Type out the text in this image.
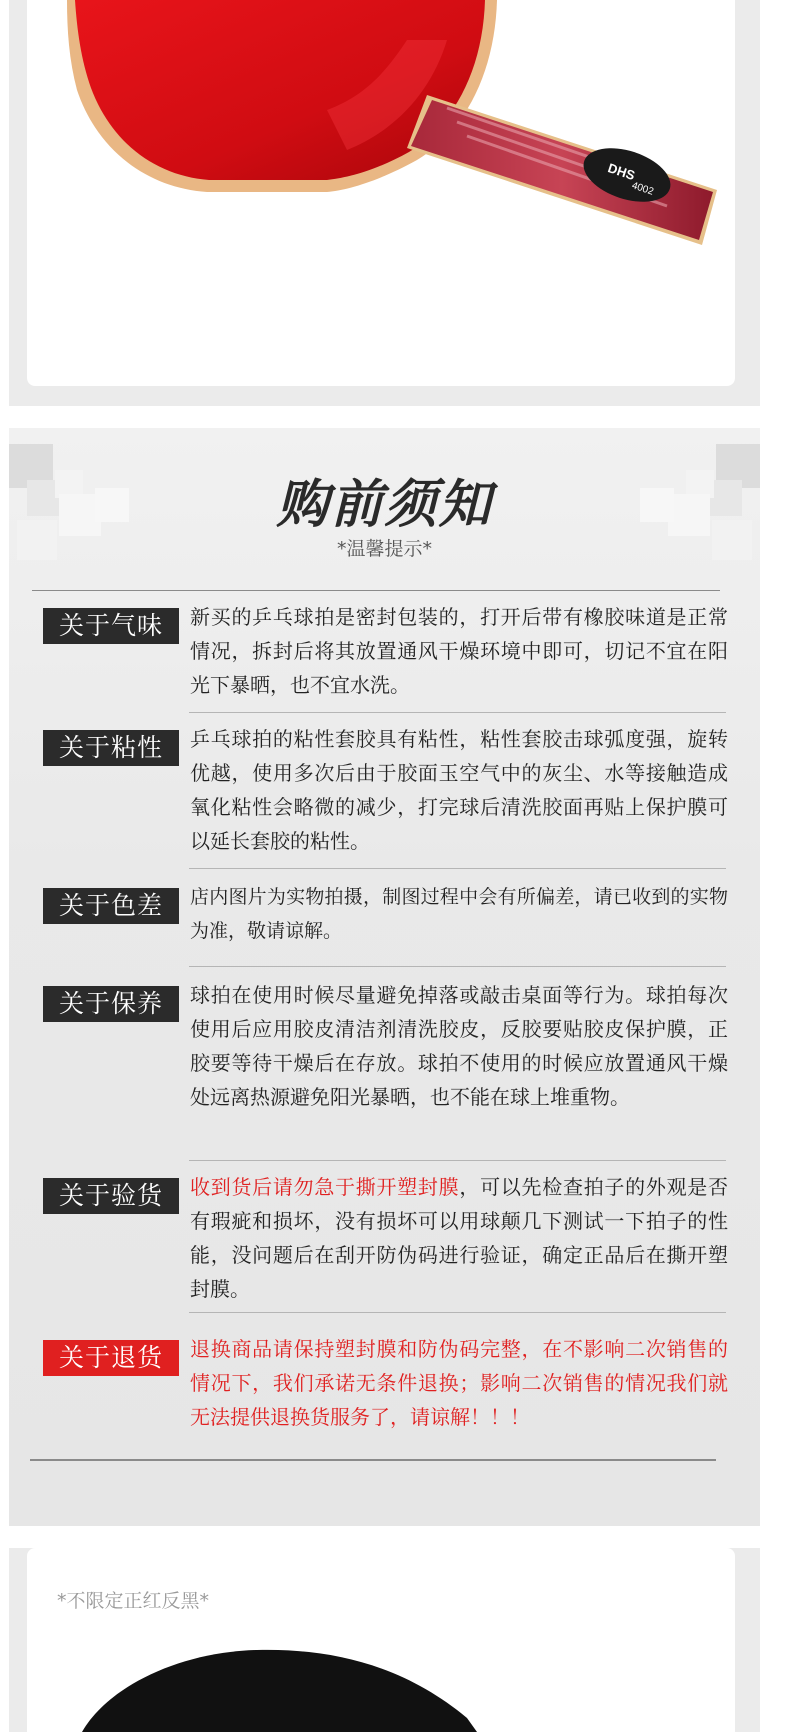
DHS
4002
购前须知
*温馨提示*
关于气味	新买的乒乓球拍是密封包装的，打开后带有橡胶味道是正常情况，拆封后将其放置通风干燥环境中即可，切记不宜在阳光下暴晒，也不宜水洗。
关于粘性	乒乓球拍的粘性套胶具有粘性，粘性套胶击球弧度强，旋转优越，使用多次后由于胶面玉空气中的灰尘、水等接触造成氧化粘性会略微的减少，打完球后清洗胶面再贴上保护膜可以延长套胶的粘性。
关于色差	店内图片为实物拍摄，制图过程中会有所偏差，请已收到的实物为准，敬请谅解。
关于保养	球拍在使用时候尽量避免掉落或敲击桌面等行为。球拍每次使用后应用胶皮清洁剂清洗胶皮，反胶要贴胶皮保护膜，正胶要等待干燥后在存放。球拍不使用的时候应放置通风干燥处远离热源避免阳光暴晒，也不能在球上堆重物。
关于验货	收到货后请勿急于撕开塑封膜，可以先检查拍子的外观是否有瑕疵和损坏，没有损坏可以用球颠几下测试一下拍子的性能，没问题后在刮开防伪码进行验证，确定正品后在撕开塑封膜。
关于退货	退换商品请保持塑封膜和防伪码完整，在不影响二次销售的情况下，我们承诺无条件退换；影响二次销售的情况我们就无法提供退换货服务了，请谅解！！！
*不限定正红反黑*
